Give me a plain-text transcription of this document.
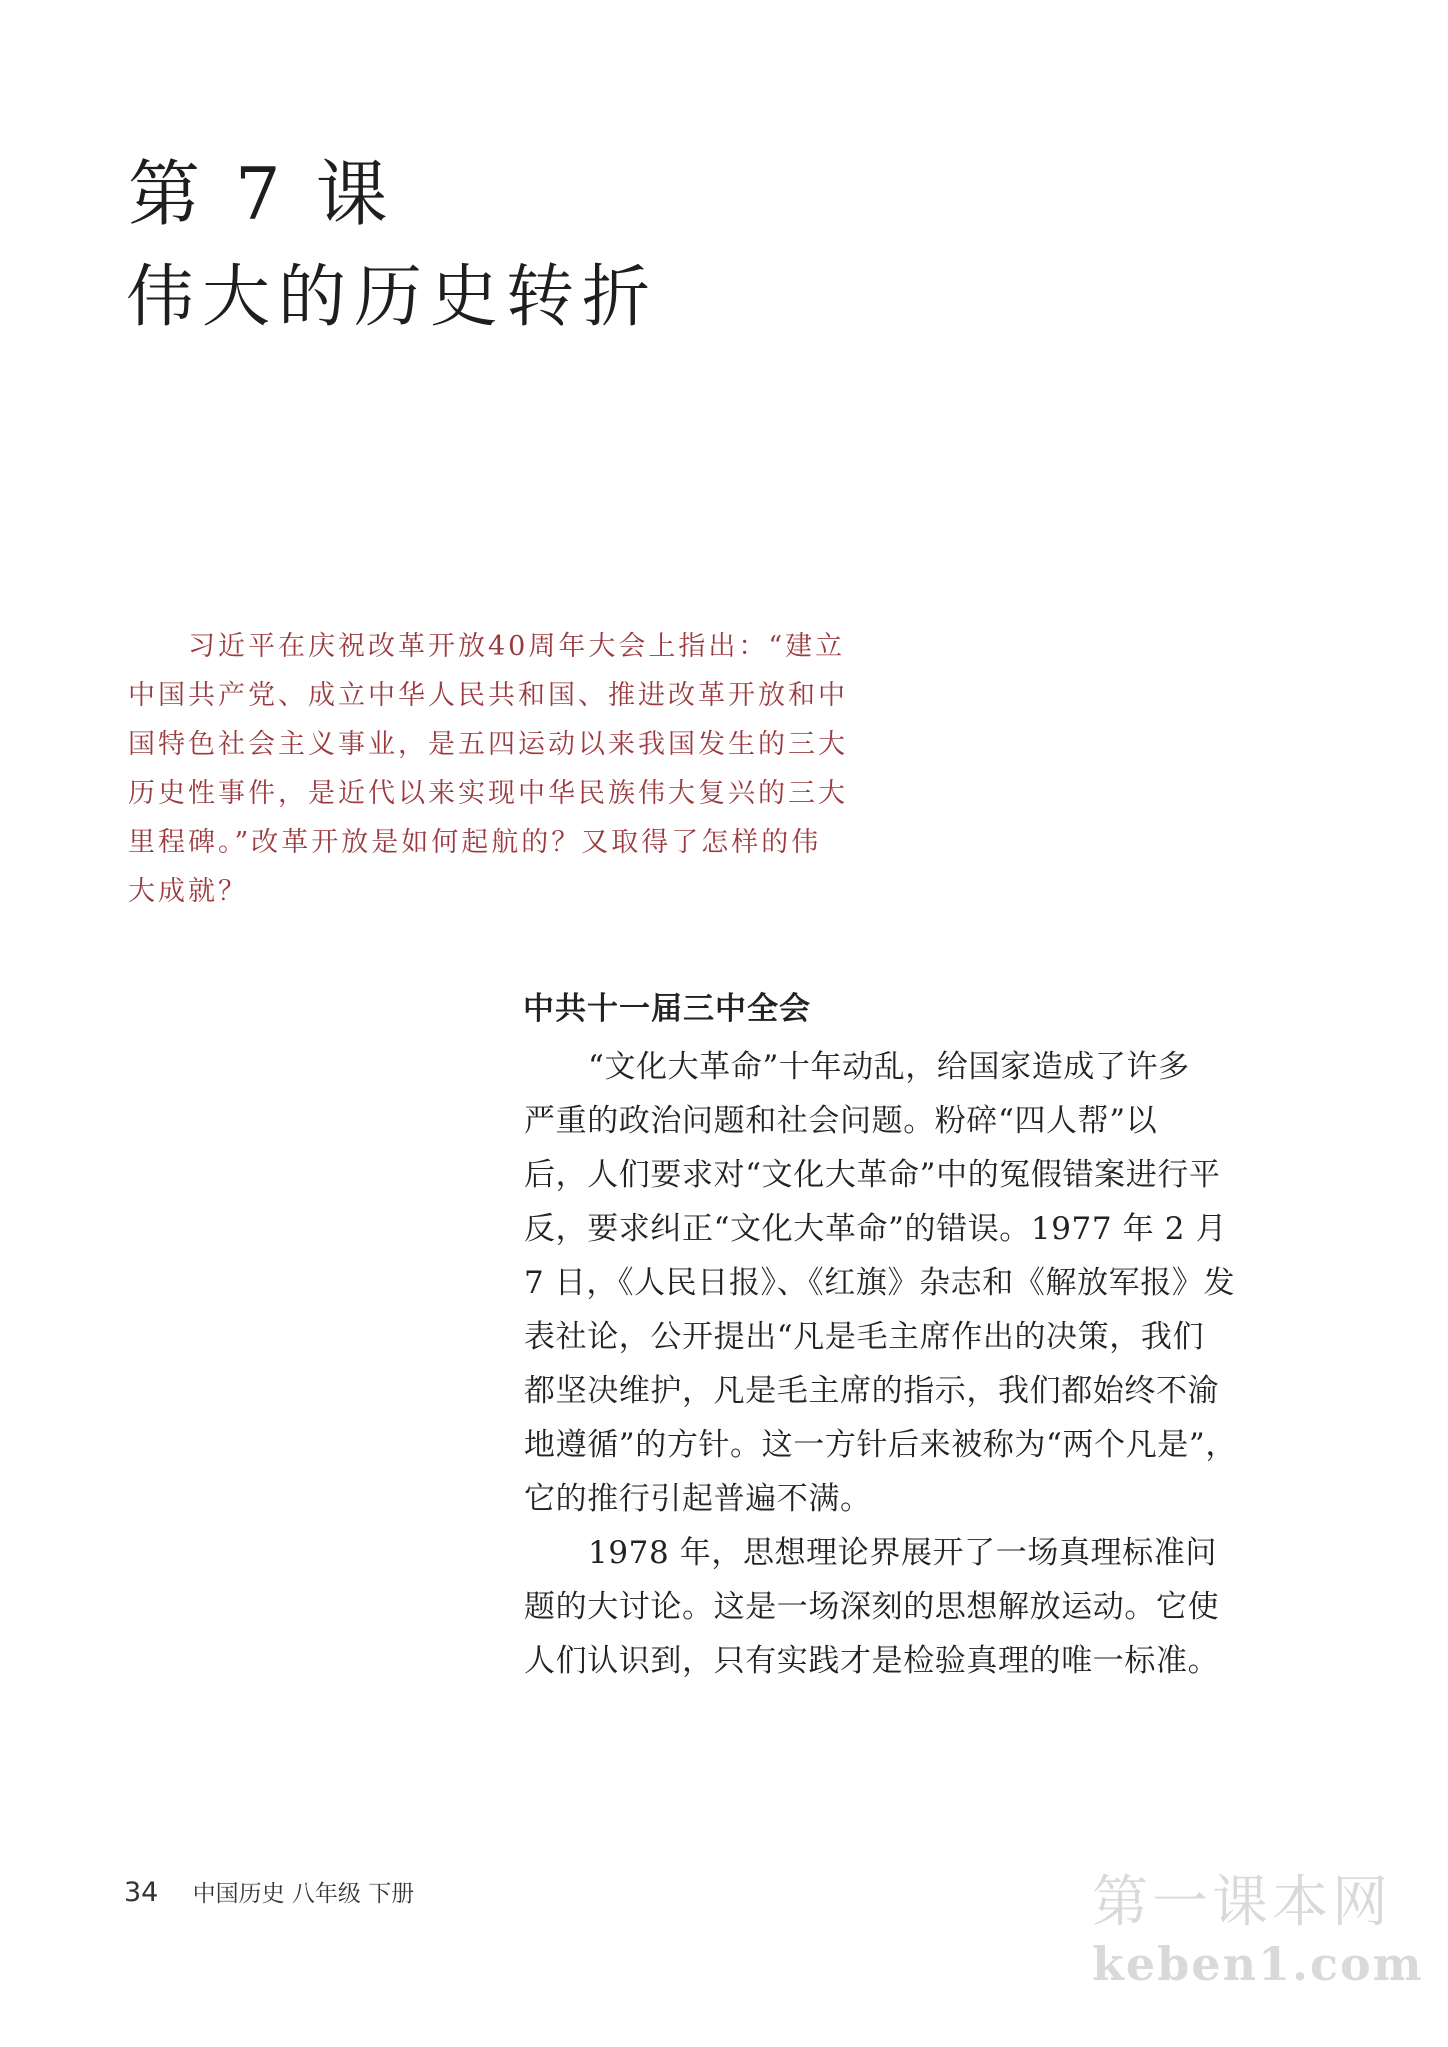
第 7 课
伟大的历史转折

习近平在庆祝改革开放40周年大会上指出：“建立

中国共产党、成立中华人民共和国、推进改革开放和中

国特色社会主义事业，是五四运动以来我国发生的三大

历史性事件，是近代以来实现中华民族伟大复兴的三大

里程碑。”改革开放是如何起航的？又取得了怎样的伟

大成就？

中共十一届三中全会

“文化大革命”十年动乱，给国家造成了许多

严重的政治问题和社会问题。粉碎“四人帮”以

后，人们要求对“文化大革命”中的冤假错案进行平

反，要求纠正“文化大革命”的错误。1977 年 2 月

7 日，《人民日报》、《红旗》杂志和《解放军报》发

表社论，公开提出“凡是毛主席作出的决策，我们

都坚决维护，凡是毛主席的指示，我们都始终不渝

地遵循”的方针。这一方针后来被称为“两个凡是”，

它的推行引起普遍不满。

1978 年，思想理论界展开了一场真理标准问

题的大讨论。这是一场深刻的思想解放运动。它使

人们认识到，只有实践才是检验真理的唯一标准。

34 中国历史 八年级 下册	第一课本网
keben1.com
